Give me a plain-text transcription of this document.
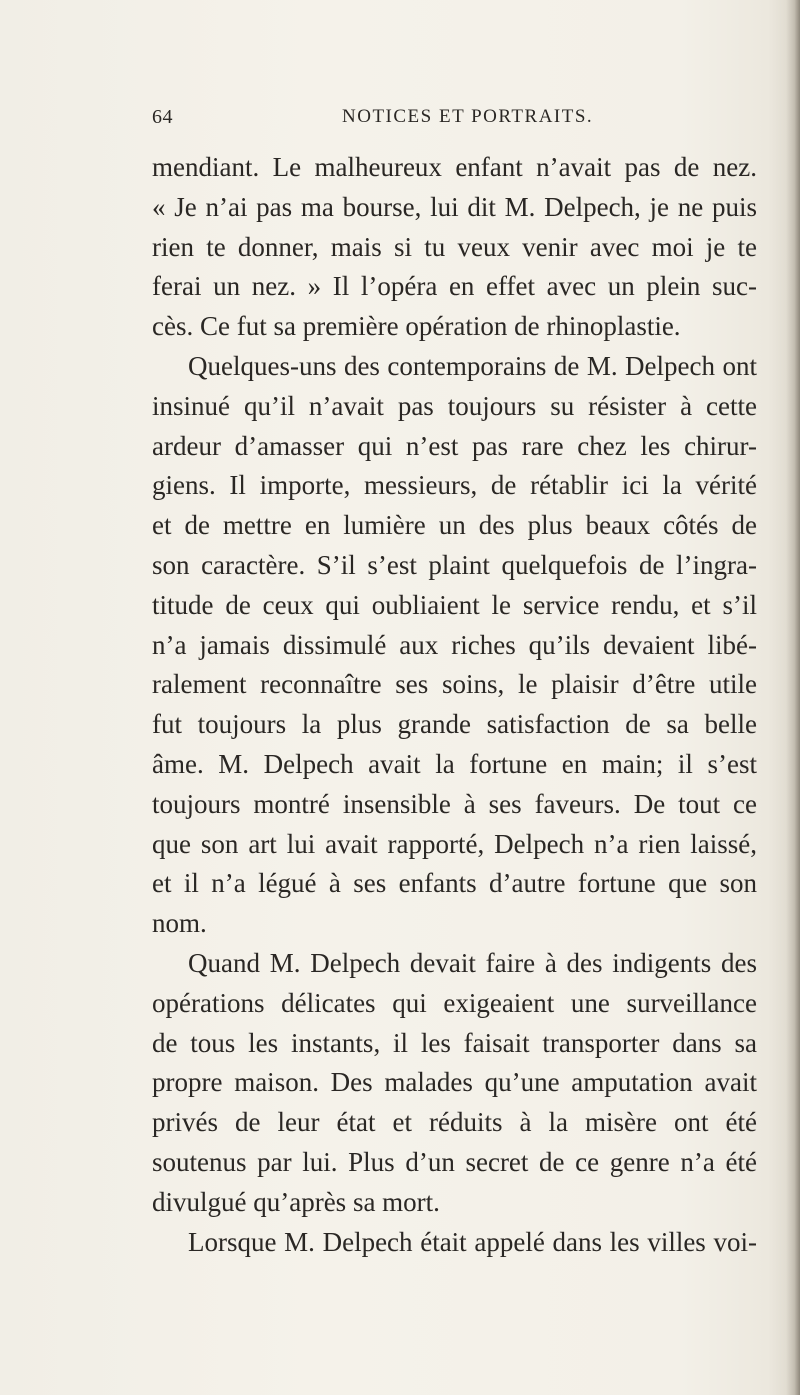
64	NOTICES ET PORTRAITS.
mendiant. Le malheureux enfant n’avait pas de nez.
« Je n’ai pas ma bourse, lui dit M. Delpech, je ne puis
rien te donner, mais si tu veux venir avec moi je te
ferai un nez. » Il l’opéra en effet avec un plein suc-
cès. Ce fut sa première opération de rhinoplastie.
Quelques-uns des contemporains de M. Delpech ont
insinué qu’il n’avait pas toujours su résister à cette
ardeur d’amasser qui n’est pas rare chez les chirur-
giens. Il importe, messieurs, de rétablir ici la vérité
et de mettre en lumière un des plus beaux côtés de
son caractère. S’il s’est plaint quelquefois de l’ingra-
titude de ceux qui oubliaient le service rendu, et s’il
n’a jamais dissimulé aux riches qu’ils devaient libé-
ralement reconnaître ses soins, le plaisir d’être utile
fut toujours la plus grande satisfaction de sa belle
âme. M. Delpech avait la fortune en main; il s’est
toujours montré insensible à ses faveurs. De tout ce
que son art lui avait rapporté, Delpech n’a rien laissé,
et il n’a légué à ses enfants d’autre fortune que son
nom.
Quand M. Delpech devait faire à des indigents des
opérations délicates qui exigeaient une surveillance
de tous les instants, il les faisait transporter dans sa
propre maison. Des malades qu’une amputation avait
privés de leur état et réduits à la misère ont été
soutenus par lui. Plus d’un secret de ce genre n’a été
divulgué qu’après sa mort.
Lorsque M. Delpech était appelé dans les villes voi-
